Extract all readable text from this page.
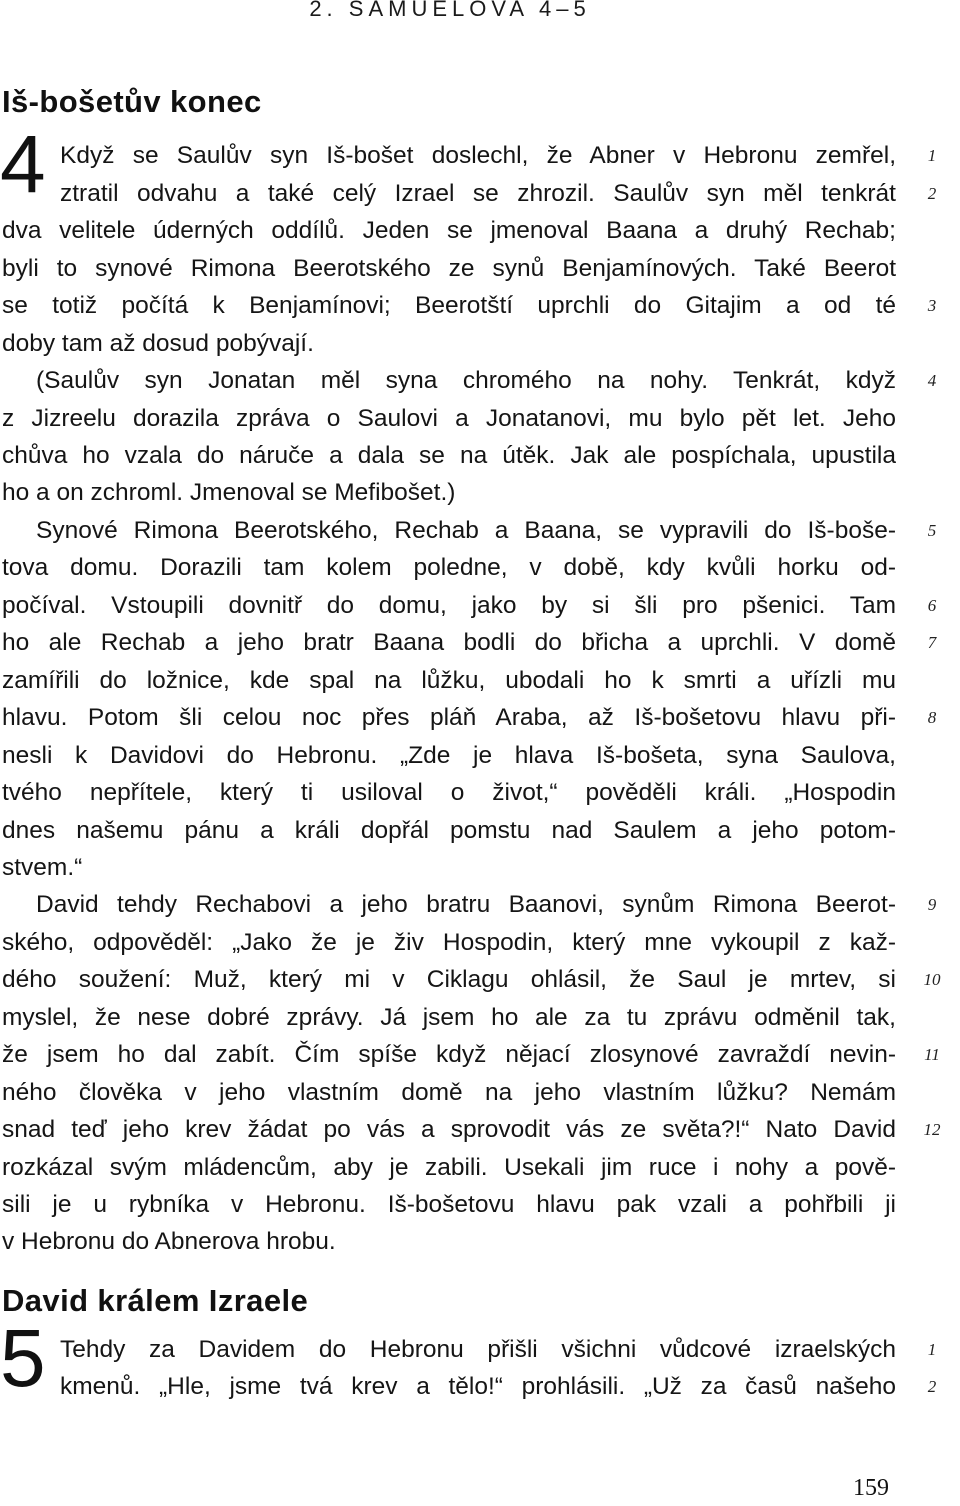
2. SAMUELOVA 4–5
Iš-bošetův konec
4
David králem Izraele
5
Když se Saulův syn Iš-bošet doslechl, že Abner v Hebronu zemřel,
ztratil odvahu a také celý Izrael se zhrozil. Saulův syn měl tenkrát
dva velitele úderných oddílů. Jeden se jmenoval Baana a druhý Rechab;
byli to synové Rimona Beerotského ze synů Benjamínových. Také Beerot
se totiž počítá k Benjamínovi; Beerotští uprchli do Gitajim a od té
doby tam až dosud pobývají.
(Saulův syn Jonatan měl syna chromého na nohy. Tenkrát, když
z Jizreelu dorazila zpráva o Saulovi a Jonatanovi, mu bylo pět let. Jeho
chůva ho vzala do náruče a dala se na útěk. Jak ale pospíchala, upustila
ho a on zchroml. Jmenoval se Mefibošet.)
Synové Rimona Beerotského, Rechab a Baana, se vypravili do Iš-boše-
tova domu. Dorazili tam kolem poledne, v době, kdy kvůli horku od-
počíval. Vstoupili dovnitř do domu, jako by si šli pro pšenici. Tam
ho ale Rechab a jeho bratr Baana bodli do břicha a uprchli. V domě
zamířili do ložnice, kde spal na lůžku, ubodali ho k smrti a uřízli mu
hlavu. Potom šli celou noc přes pláň Araba, až Iš-bošetovu hlavu při-
nesli k Davidovi do Hebronu. „Zde je hlava Iš-bošeta, syna Saulova,
tvého nepřítele, který ti usiloval o život,“ pověděli králi. „Hospodin
dnes našemu pánu a králi dopřál pomstu nad Saulem a jeho potom-
stvem.“
David tehdy Rechabovi a jeho bratru Baanovi, synům Rimona Beerot-
ského, odpověděl: „Jako že je živ Hospodin, který mne vykoupil z kaž-
dého soužení: Muž, který mi v Ciklagu ohlásil, že Saul je mrtev, si
myslel, že nese dobré zprávy. Já jsem ho ale za tu zprávu odměnil tak,
že jsem ho dal zabít. Čím spíše když nějací zlosynové zavraždí nevin-
ného člověka v jeho vlastním domě na jeho vlastním lůžku? Nemám
snad teď jeho krev žádat po vás a sprovodit vás ze světa?!“ Nato David
rozkázal svým mládencům, aby je zabili. Usekali jim ruce i nohy a pově-
sili je u rybníka v Hebronu. Iš-bošetovu hlavu pak vzali a pohřbili ji
v Hebronu do Abnerova hrobu.
Tehdy za Davidem do Hebronu přišli všichni vůdcové izraelských
kmenů. „Hle, jsme tvá krev a tělo!“ prohlásili. „Už za časů našeho
1
2
3
4
5
6
7
8
9
10
11
12
1
2
159
